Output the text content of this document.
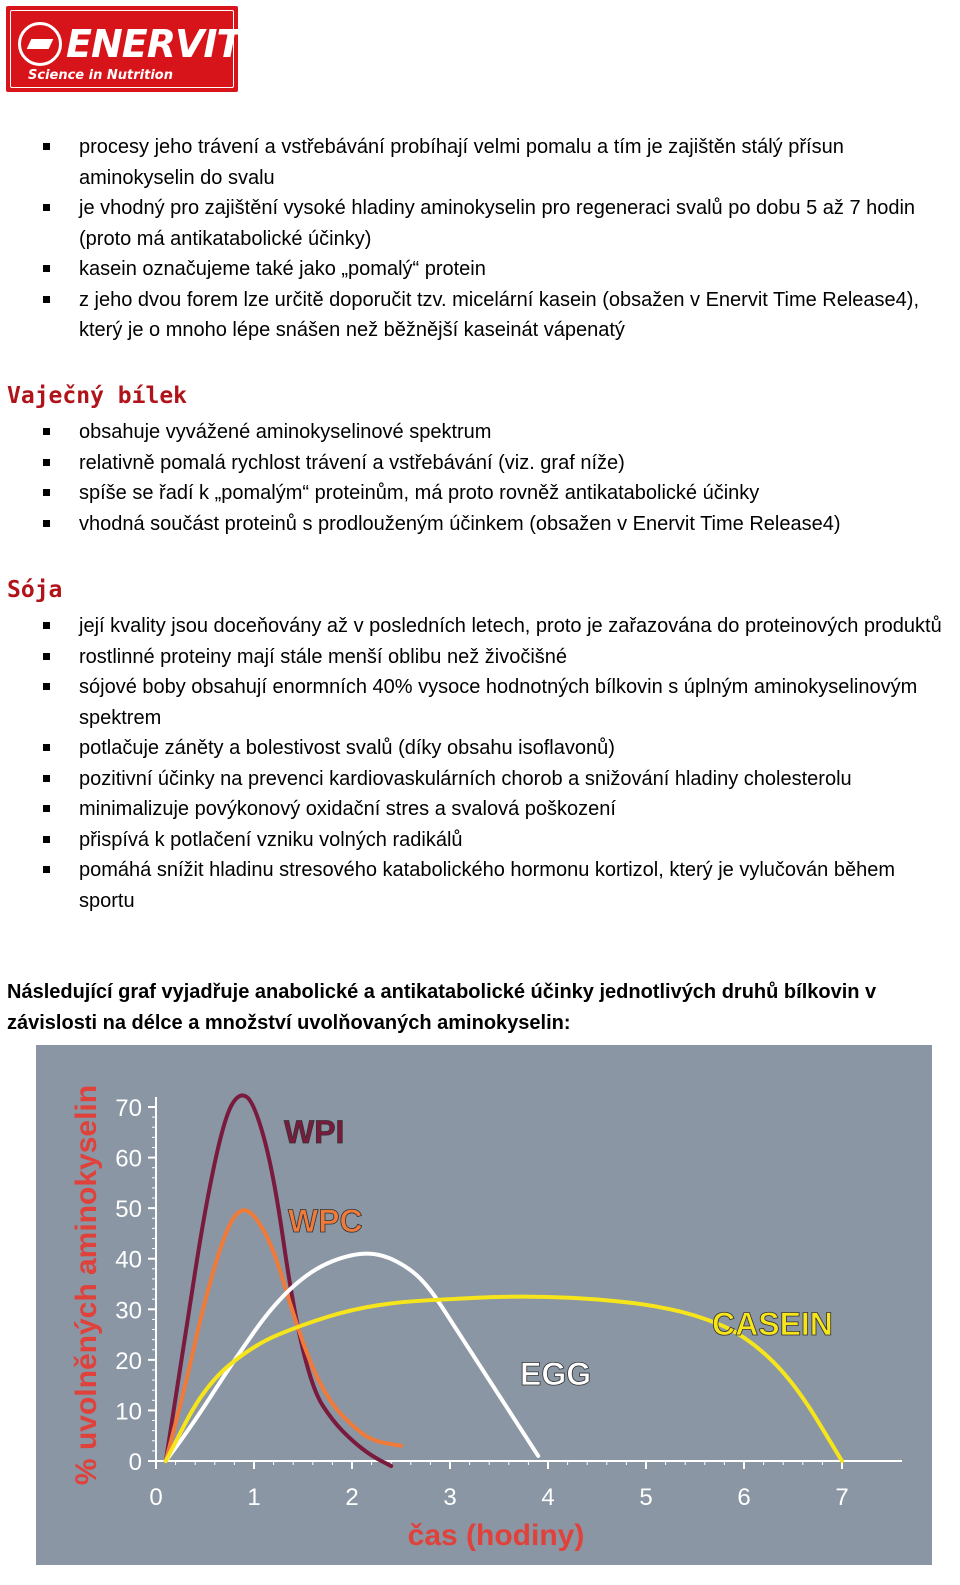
ENERVIT
Science in Nutrition
procesy jeho trávení a vstřebávání probíhají velmi pomalu a tím je zajištěn stálý přísun aminokyselin do svalu
je vhodný pro zajištění vysoké hladiny aminokyselin pro regeneraci svalů po dobu 5 až 7 hodin (proto má antikatabolické účinky)
kasein označujeme také jako „pomalý“ protein
z jeho dvou forem lze určitě doporučit tzv. micelární kasein (obsažen v Enervit Time Release4), který je o mnoho lépe snášen než běžnější kaseinát vápenatý
Vaječný bílek
obsahuje vyvážené aminokyselinové spektrum
relativně pomalá rychlost trávení a vstřebávání (viz. graf níže)
spíše se řadí k „pomalým“ proteinům, má proto rovněž antikatabolické účinky
vhodná součást proteinů s prodlouženým účinkem (obsažen v Enervit Time Release4)
Sója
její kvality jsou doceňovány až v posledních letech, proto je zařazována do proteinových produktů
rostlinné proteiny mají stále menší oblibu než živočišné
sójové boby obsahují enormních 40% vysoce hodnotných bílkovin s úplným aminokyselinovým spektrem
potlačuje záněty a bolestivost svalů (díky obsahu isoflavonů)
pozitivní účinky na prevenci kardiovaskulárních chorob a snižování hladiny cholesterolu
minimalizuje povýkonový oxidační stres a svalová poškození
přispívá k potlačení vzniku volných radikálů
pomáhá snížit hladinu stresového katabolického hormonu kortizol, který je vylučován během sportu
Následující graf vyjadřuje anabolické a antikatabolické účinky jednotlivých druhů bílkovin v závislosti na délce a množství uvolňovaných aminokyselin:
0
10
20
30
40
50
60
70
0	1	2	3	4	5	6	7
WPI
WPC
EGG
CASEIN
% uvolněných aminokyselin
čas (hodiny)
